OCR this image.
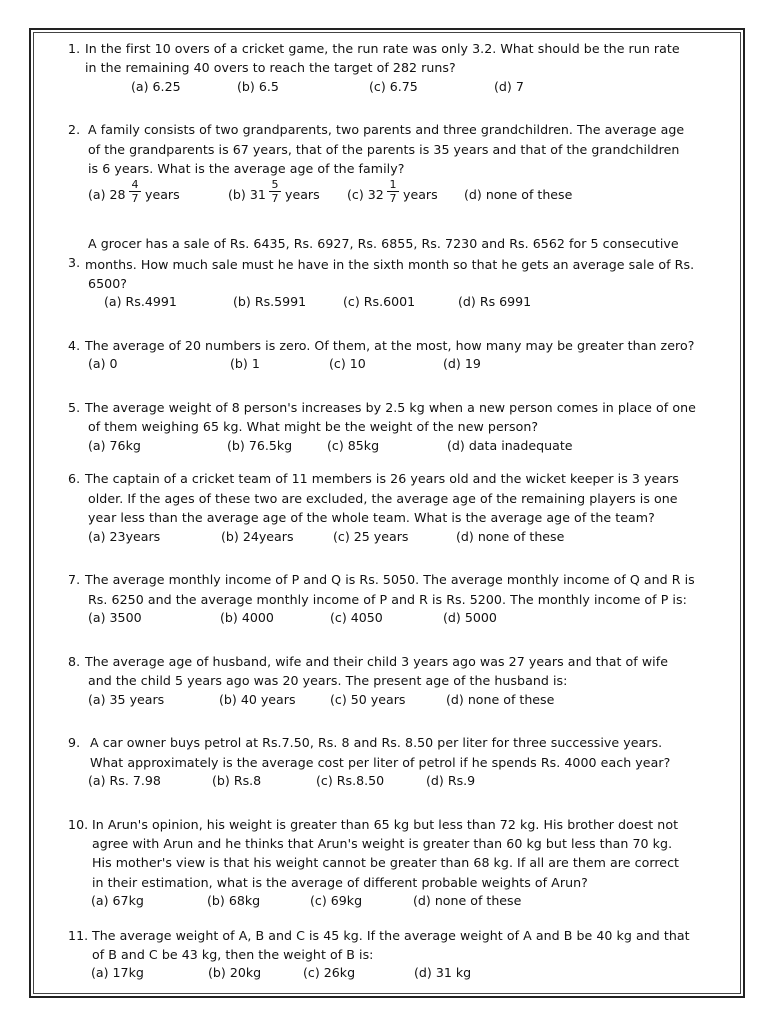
1. In the first 10 overs of a cricket game, the run rate was only 3.2. What should be the run rate
in the remaining 40 overs to reach the target of 282 runs?
(a) 6.25	(b) 6.5	(c) 6.75	(d) 7
2. A family consists of two grandparents, two parents and three grandchildren. The average age
of the grandparents is 67 years, that of the parents is 35 years and that of the grandchildren
is 6 years. What is the average age of the family?
(a) 28
4
7 years	(b) 31
5
7 years (c) 32
1
7 years (d) none of these
3.
A grocer has a sale of Rs. 6435, Rs. 6927, Rs. 6855, Rs. 7230 and Rs. 6562 for 5 consecutive
months. How much sale must he have in the sixth month so that he gets an average sale of Rs.
6500?
(a) Rs.4991	(b) Rs.5991	(c) Rs.6001	(d) Rs 6991
4. The average of 20 numbers is zero. Of them, at the most, how many may be greater than zero?
(a) 0	(b) 1	(c) 10	(d) 19
5. The average weight of 8 person's increases by 2.5 kg when a new person comes in place of one
of them weighing 65 kg. What might be the weight of the new person?
(a) 76kg	(b) 76.5kg	(c) 85kg	(d) data inadequate
6. The captain of a cricket team of 11 members is 26 years old and the wicket keeper is 3 years
older. If the ages of these two are excluded, the average age of the remaining players is one
year less than the average age of the whole team. What is the average age of the team?
(a) 23years	(b) 24years	(c) 25 years	(d) none of these
7. The average monthly income of P and Q is Rs. 5050. The average monthly income of Q and R is
Rs. 6250 and the average monthly income of P and R is Rs. 5200. The monthly income of P is:
(a) 3500	(b) 4000	(c) 4050	(d) 5000
8. The average age of husband, wife and their child 3 years ago was 27 years and that of wife
and the child 5 years ago was 20 years. The present age of the husband is:
(a) 35 years	(b) 40 years	(c) 50 years	(d) none of these
9. A car owner buys petrol at Rs.7.50, Rs. 8 and Rs. 8.50 per liter for three successive years.
What approximately is the average cost per liter of petrol if he spends Rs. 4000 each year?
(a) Rs. 7.98	(b) Rs.8	(c) Rs.8.50	(d) Rs.9
10. In Arun's opinion, his weight is greater than 65 kg but less than 72 kg. His brother doest not
agree with Arun and he thinks that Arun's weight is greater than 60 kg but less than 70 kg.
His mother's view is that his weight cannot be greater than 68 kg. If all are them are correct
in their estimation, what is the average of different probable weights of Arun?
(a) 67kg	(b) 68kg	(c) 69kg	(d) none of these
11. The average weight of A, B and C is 45 kg. If the average weight of A and B be 40 kg and that
of B and C be 43 kg, then the weight of B is:
(a) 17kg	(b) 20kg	(c) 26kg	(d) 31 kg
